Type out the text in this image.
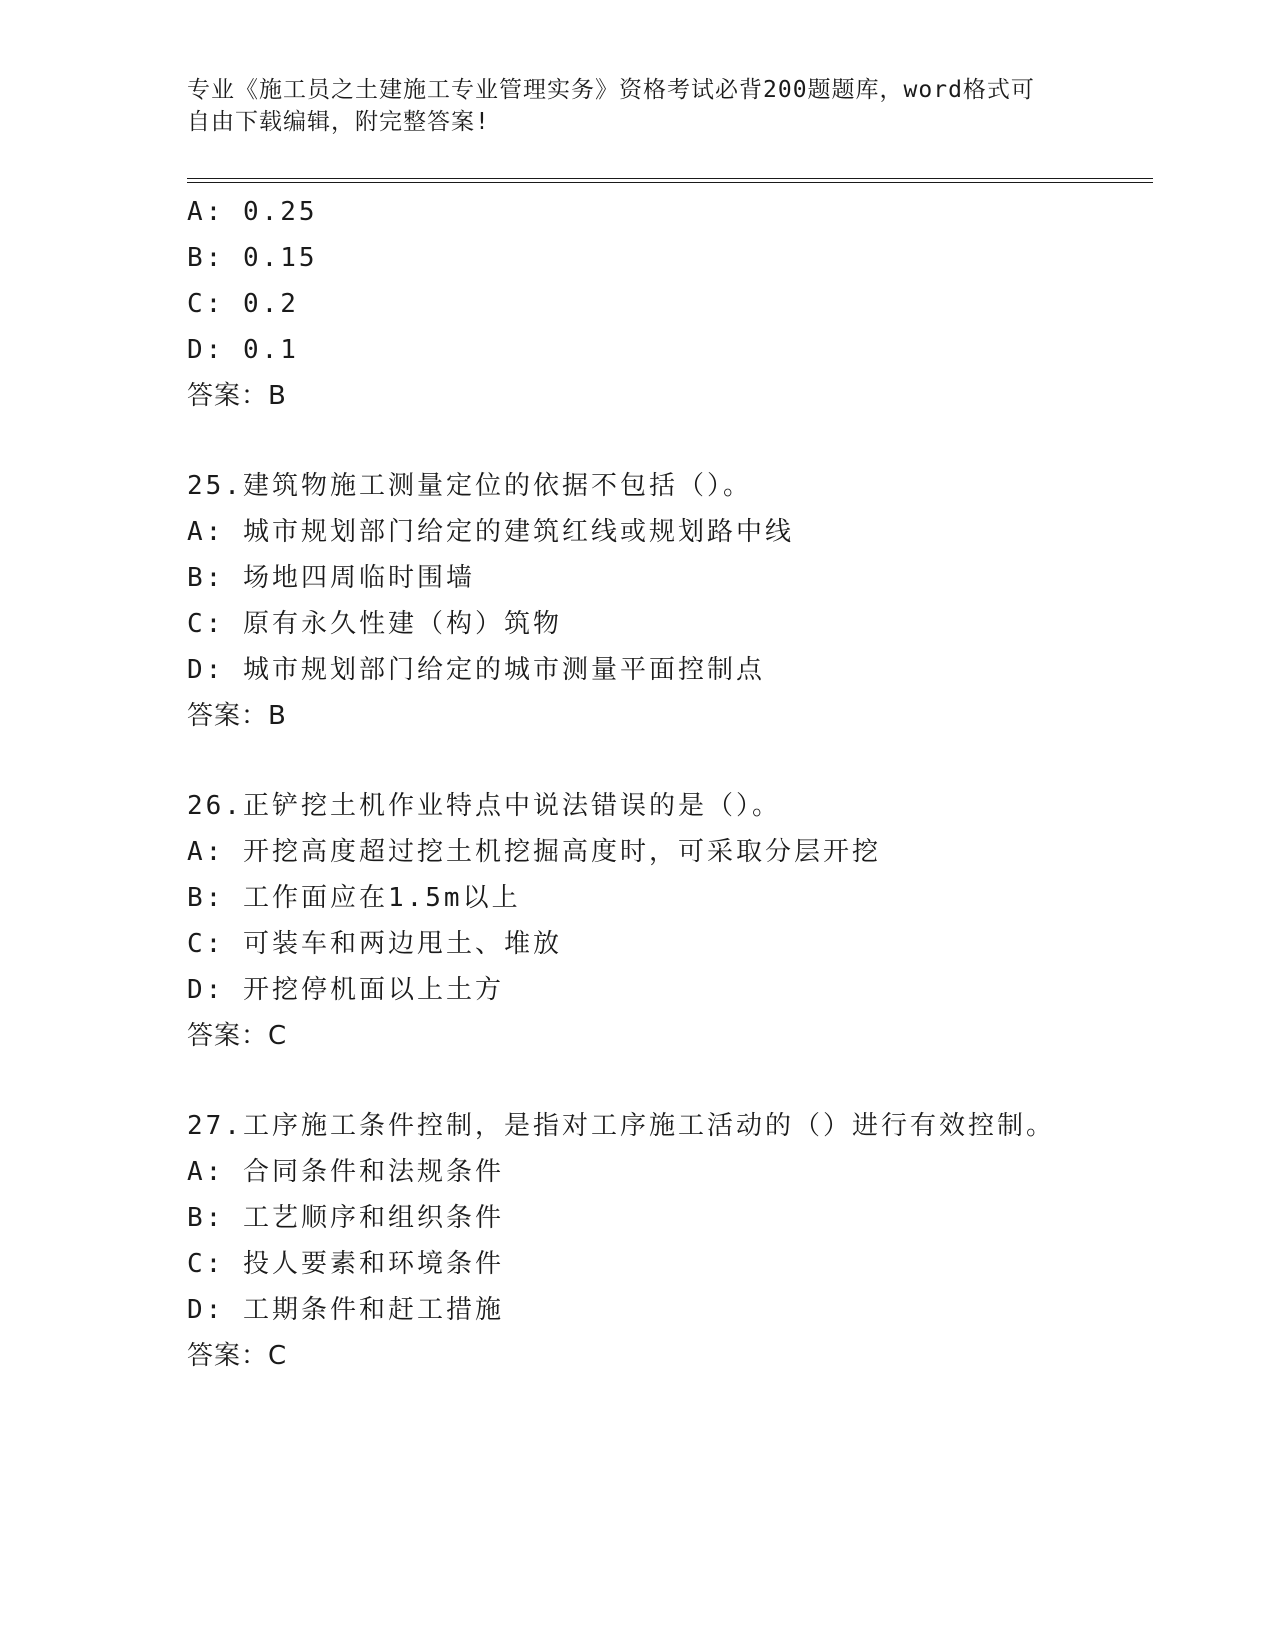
专业《施工员之土建施工专业管理实务》资格考试必背200题题库，word格式可
自由下载编辑，附完整答案!
A: 0.25
B: 0.15
C: 0.2
D: 0.1
答案：B
25.建筑物施工测量定位的依据不包括（）。
A: 城市规划部门给定的建筑红线或规划路中线
B: 场地四周临时围墙
C: 原有永久性建（构）筑物
D: 城市规划部门给定的城市测量平面控制点
答案：B
26.正铲挖土机作业特点中说法错误的是（）。
A: 开挖高度超过挖土机挖掘高度时，可采取分层开挖
B: 工作面应在1.5m以上
C: 可装车和两边甩土、堆放
D: 开挖停机面以上土方
答案：C
27.工序施工条件控制，是指对工序施工活动的（）进行有效控制。
A: 合同条件和法规条件
B: 工艺顺序和组织条件
C: 投人要素和环境条件
D: 工期条件和赶工措施
答案：C
